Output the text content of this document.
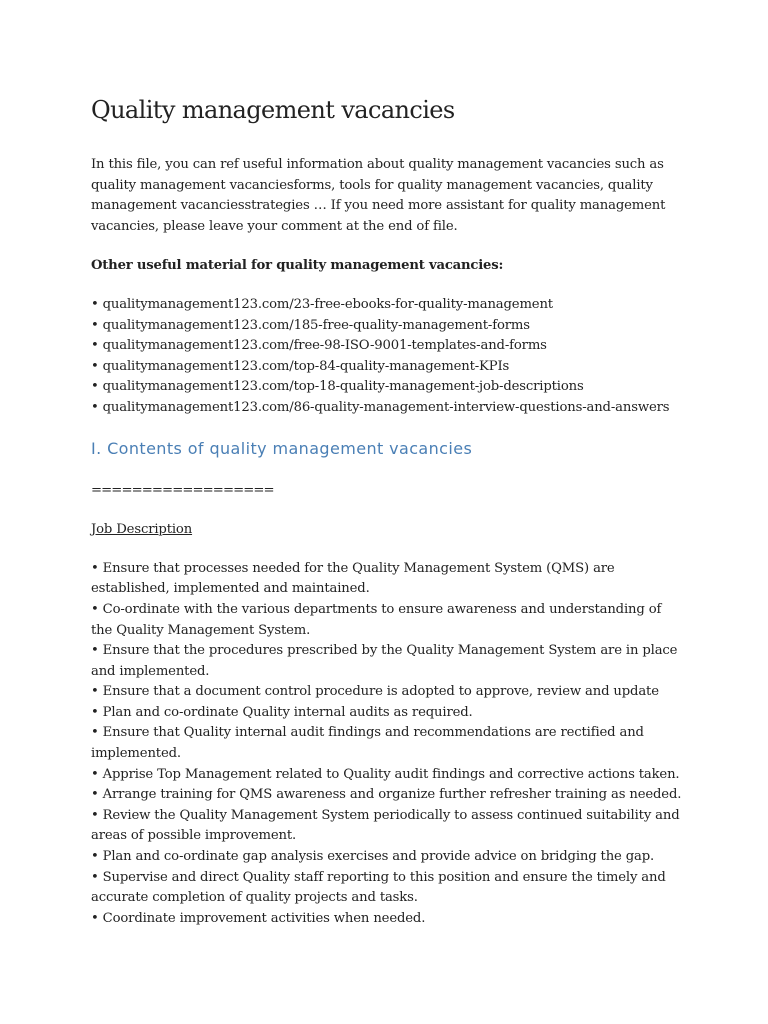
Quality management vacancies

In this file, you can ref useful information about quality management vacancies such as quality management vacanciesforms, tools for quality management vacancies, quality management vacanciesstrategies … If you need more assistant for quality management vacancies, please leave your comment at the end of file.

Other useful material for quality management vacancies:

• qualitymanagement123.com/23-free-ebooks-for-quality-management
• qualitymanagement123.com/185-free-quality-management-forms
• qualitymanagement123.com/free-98-ISO-9001-templates-and-forms
• qualitymanagement123.com/top-84-quality-management-KPIs
• qualitymanagement123.com/top-18-quality-management-job-descriptions
• qualitymanagement123.com/86-quality-management-interview-questions-and-answers
I. Contents of quality management vacancies
==================
Job Description
• Ensure that processes needed for the Quality Management System (QMS) are established, implemented and maintained.
• Co-ordinate with the various departments to ensure awareness and understanding of the Quality Management System.
• Ensure that the procedures prescribed by the Quality Management System are in place and implemented.
• Ensure that a document control procedure is adopted to approve, review and update
• Plan and co-ordinate Quality internal audits as required.
• Ensure that Quality internal audit findings and recommendations are rectified and implemented.
• Apprise Top Management related to Quality audit findings and corrective actions taken.
• Arrange training for QMS awareness and organize further refresher training as needed.
• Review the Quality Management System periodically to assess continued suitability and areas of possible improvement.
• Plan and co-ordinate gap analysis exercises and provide advice on bridging the gap.
• Supervise and direct Quality staff reporting to this position and ensure the timely and accurate completion of quality projects and tasks.
• Coordinate improvement activities when needed.
